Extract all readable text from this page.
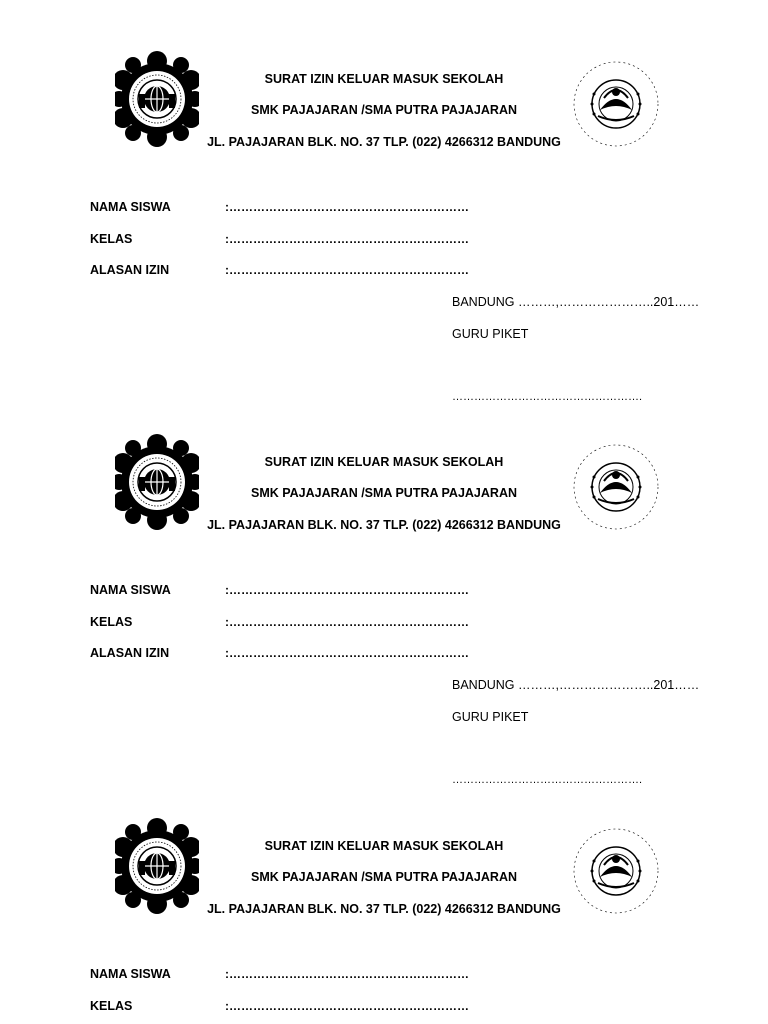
SURAT IZIN KELUAR MASUK SEKOLAH
SMK PAJAJARAN /SMA PUTRA PAJAJARAN
JL. PAJAJARAN BLK. NO. 37 TLP. (022) 4266312 BANDUNG
NAMA SISWA	:……………………………………………………
KELAS	:……………………………………………………
ALASAN IZIN	:……………………………………………………
BANDUNG ………,…………………..201……
GURU PIKET
…………………………………………….
SURAT IZIN KELUAR MASUK SEKOLAH
SMK PAJAJARAN /SMA PUTRA PAJAJARAN
JL. PAJAJARAN BLK. NO. 37 TLP. (022) 4266312 BANDUNG
NAMA SISWA	:……………………………………………………
KELAS	:……………………………………………………
ALASAN IZIN	:……………………………………………………
BANDUNG ………,…………………..201……
GURU PIKET
…………………………………………….
SURAT IZIN KELUAR MASUK SEKOLAH
SMK PAJAJARAN /SMA PUTRA PAJAJARAN
JL. PAJAJARAN BLK. NO. 37 TLP. (022) 4266312 BANDUNG
NAMA SISWA	:……………………………………………………
KELAS	:……………………………………………………
